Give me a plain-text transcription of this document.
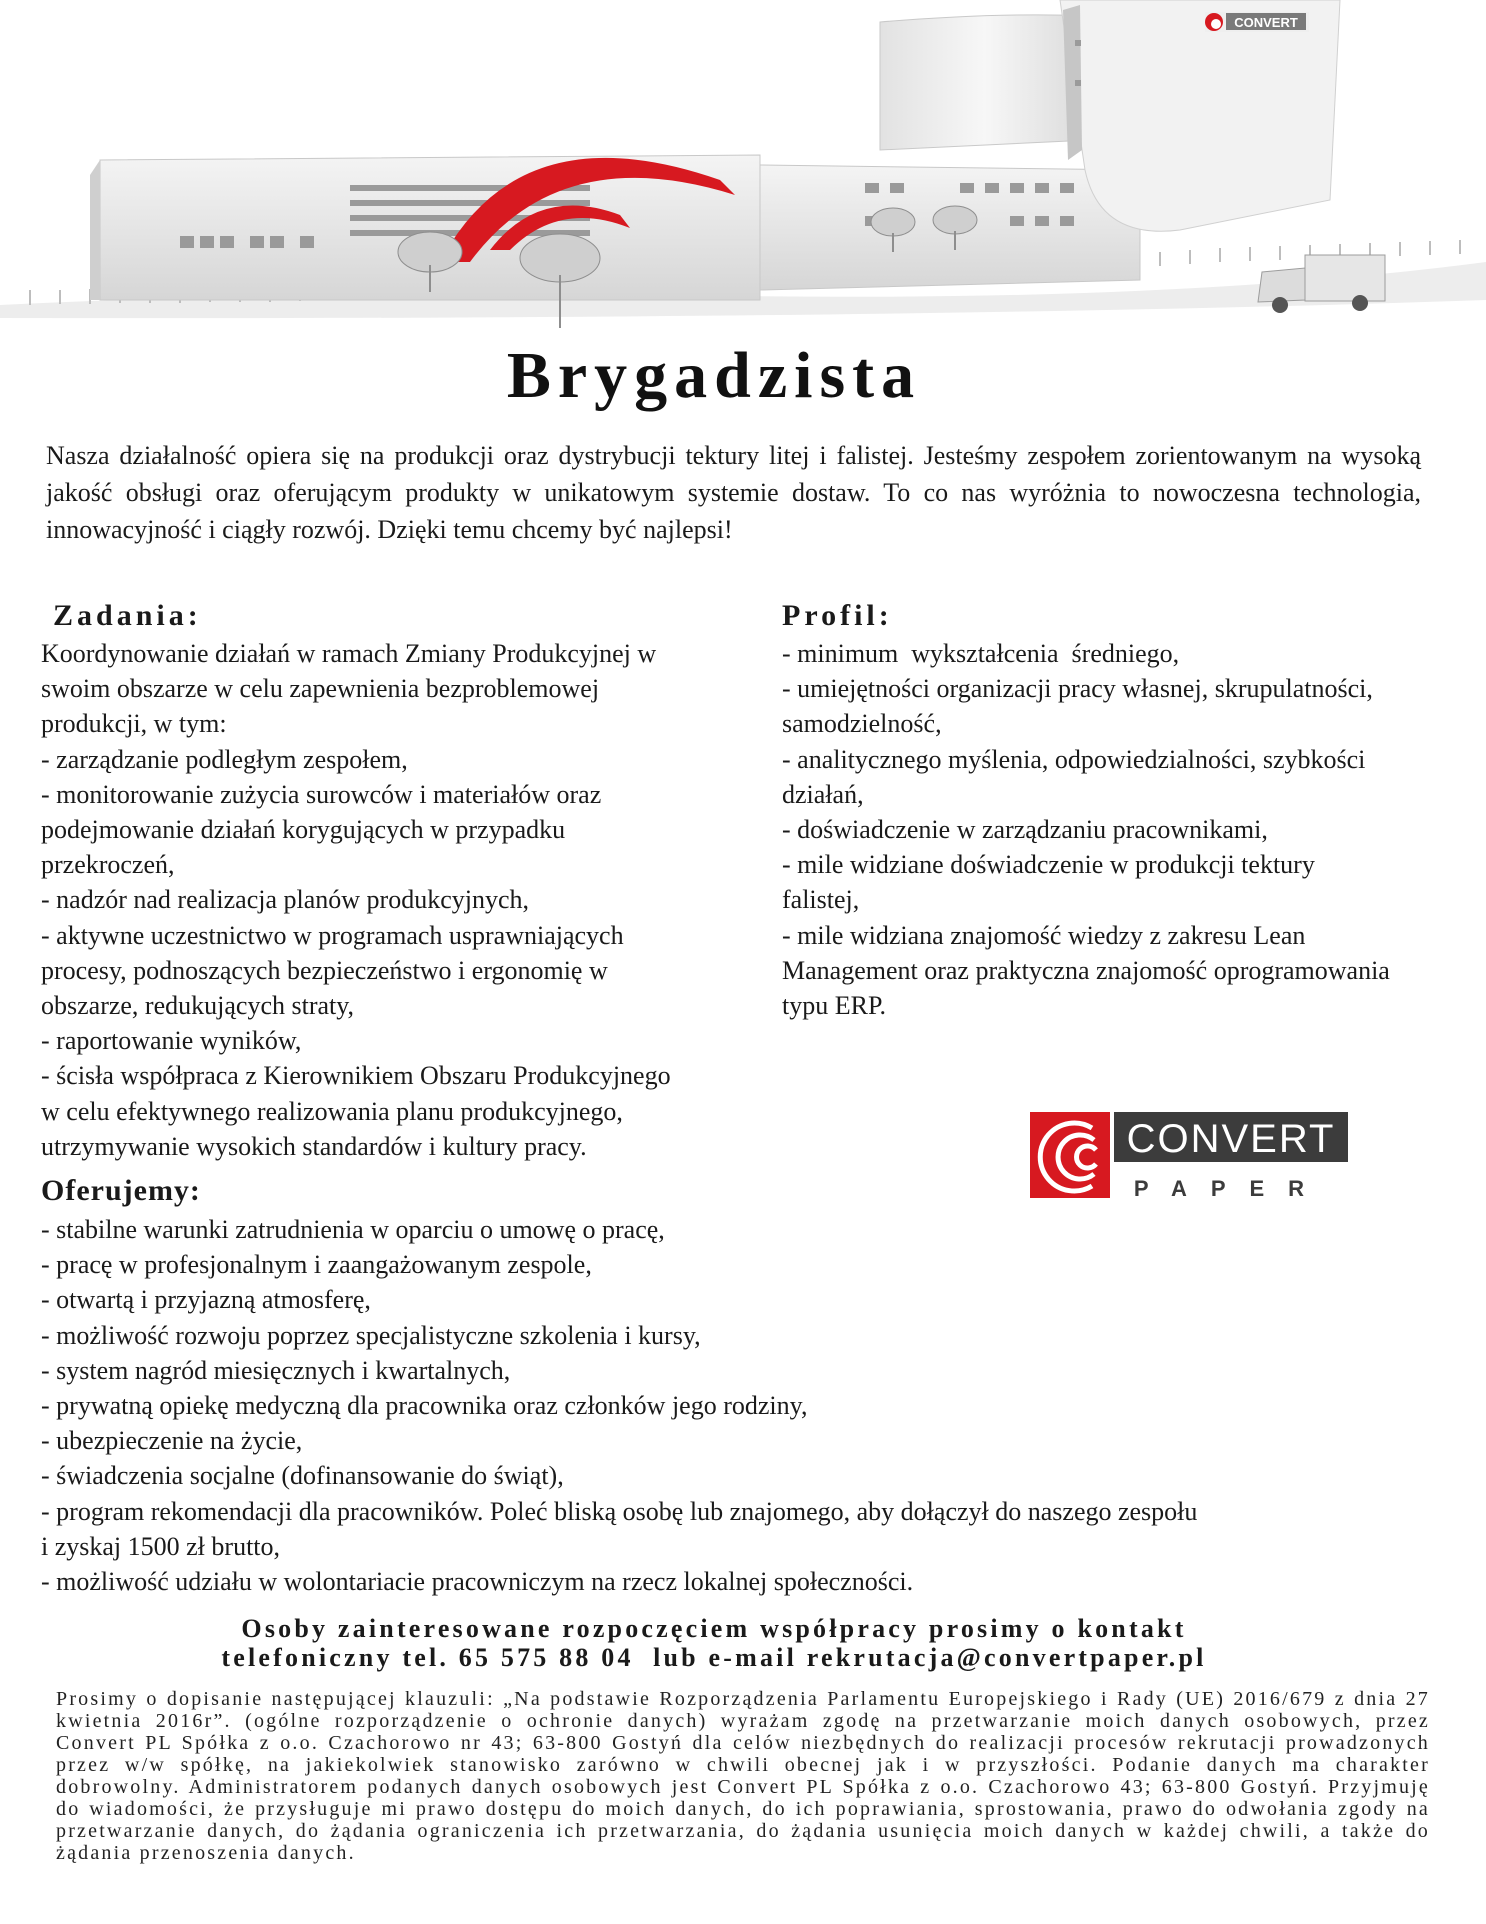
CONVERT
Brygadzista

Nasza działalność opiera się na produkcji oraz dystrybucji tektury litej i falistej. Jesteśmy zespołem zorientowanym na wysoką jakość obsługi oraz oferującym produkty w unikatowym systemie dostaw. To co nas wyróżnia to nowoczesna technologia, innowacyjność i ciągły rozwój. Dzięki temu chcemy być najlepsi!

Zadania:
Koordynowanie działań w ramach Zmiany Produkcyjnej w
swoim obszarze w celu zapewnienia bezproblemowej
produkcji, w tym:
- zarządzanie podległym zespołem,
- monitorowanie zużycia surowców i materiałów oraz
podejmowanie działań korygujących w przypadku
przekroczeń,
- nadzór nad realizacja planów produkcyjnych,
- aktywne uczestnictwo w programach usprawniających
procesy, podnoszących bezpieczeństwo i ergonomię w
obszarze, redukujących straty,
- raportowanie wyników,
- ścisła współpraca z Kierownikiem Obszaru Produkcyjnego
w celu efektywnego realizowania planu produkcyjnego,
utrzymywanie wysokich standardów i kultury pracy.
Profil:
- minimum  wykształcenia  średniego,
- umiejętności organizacji pracy własnej, skrupulatności,
samodzielność,
- analitycznego myślenia, odpowiedzialności, szybkości
działań,
- doświadczenie w zarządzaniu pracownikami,
- mile widziane doświadczenie w produkcji tektury
falistej,
- mile widziana znajomość wiedzy z zakresu Lean
Management oraz praktyczna znajomość oprogramowania
typu ERP.
CONVERT
PAPER
Oferujemy:
- stabilne warunki zatrudnienia w oparciu o umowę o pracę,
- pracę w profesjonalnym i zaangażowanym zespole,
- otwartą i przyjazną atmosferę,
- możliwość rozwoju poprzez specjalistyczne szkolenia i kursy,
- system nagród miesięcznych i kwartalnych,
- prywatną opiekę medyczną dla pracownika oraz członków jego rodziny,
- ubezpieczenie na życie,
- świadczenia socjalne (dofinansowanie do świąt),
- program rekomendacji dla pracowników. Poleć bliską osobę lub znajomego, aby dołączył do naszego zespołu
i zyskaj 1500 zł brutto,
- możliwość udziału w wolontariacie pracowniczym na rzecz lokalnej społeczności.
Osoby zainteresowane rozpoczęciem współpracy prosimy o kontakt
telefoniczny tel. 65 575 88 04  lub e-mail rekrutacja@convertpaper.pl

Prosimy o dopisanie następującej klauzuli: „Na podstawie Rozporządzenia Parlamentu Europejskiego i Rady (UE) 2016/679 z dnia 27 kwietnia 2016r”. (ogólne rozporządzenie o ochronie danych) wyrażam zgodę na przetwarzanie moich danych osobowych, przez Convert PL Spółka z o.o. Czachorowo nr 43; 63-800 Gostyń dla celów niezbędnych do realizacji procesów rekrutacji prowadzonych przez w/w spółkę, na jakiekolwiek stanowisko zarówno w chwili obecnej jak i w przyszłości. Podanie danych ma charakter dobrowolny. Administratorem podanych danych osobowych jest Convert PL Spółka z o.o. Czachorowo 43; 63-800 Gostyń. Przyjmuję do wiadomości, że przysługuje mi prawo dostępu do moich danych, do ich poprawiania, sprostowania, prawo do odwołania zgody na przetwarzanie danych, do żądania ograniczenia ich przetwarzania, do żądania usunięcia moich danych w każdej chwili, a także do żądania przenoszenia danych.
